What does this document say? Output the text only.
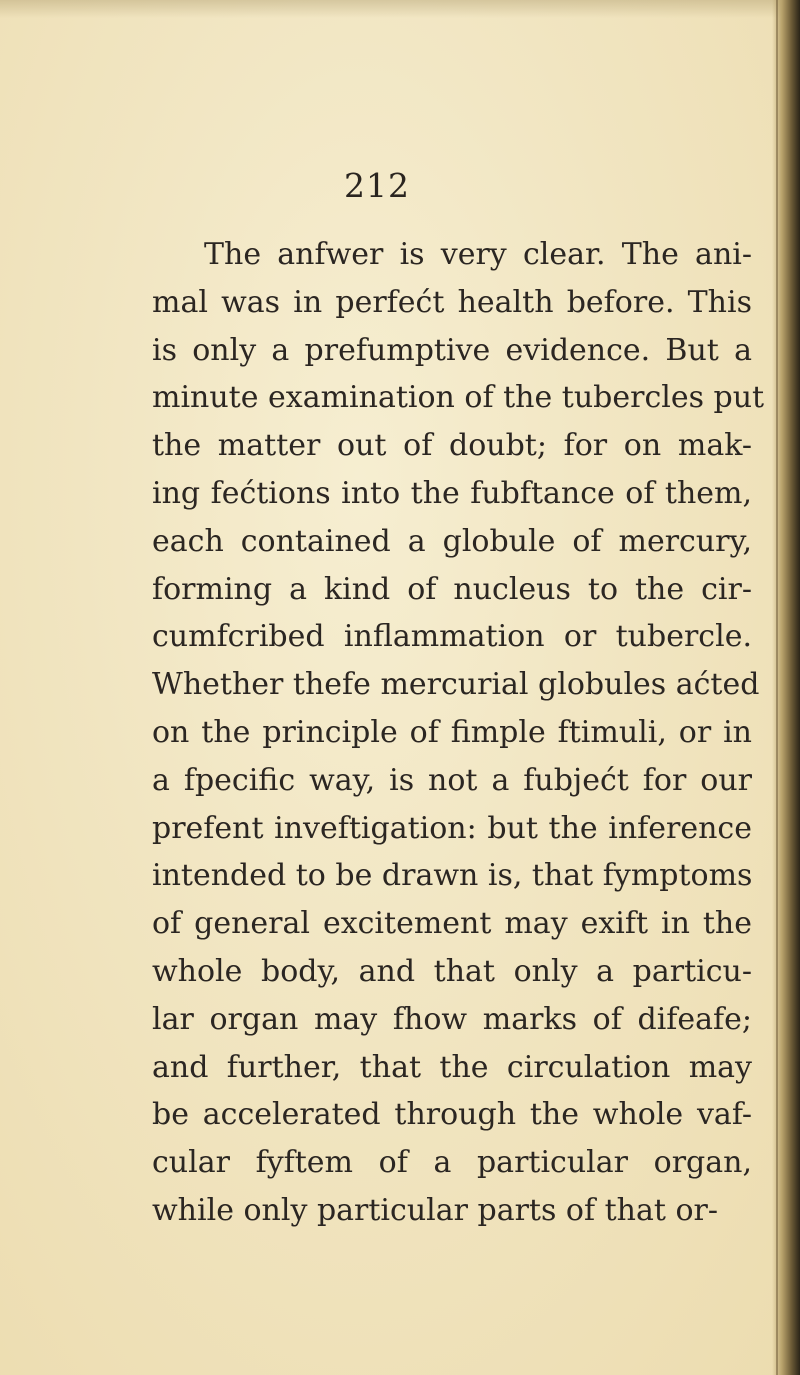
212
The anfwer is very clear. The ani-
mal was in perfećt health before. This
is only a prefumptive evidence. But a
minute examination of the tubercles put
the matter out of doubt; for on mak-
ing fećtions into the fubftance of them,
each contained a globule of mercury,
forming a kind of nucleus to the cir-
cumfcribed inflammation or tubercle.
Whether thefe mercurial globules aćted
on the principle of fimple ftimuli, or in
a fpecific way, is not a fubjećt for our
prefent inveftigation: but the inference
intended to be drawn is, that fymptoms
of general excitement may exift in the
whole body, and that only a particu-
lar organ may fhow marks of difeafe;
and further, that the circulation may
be accelerated through the whole vaf-
cular fyftem of a particular organ,
while only particular parts of that or-
